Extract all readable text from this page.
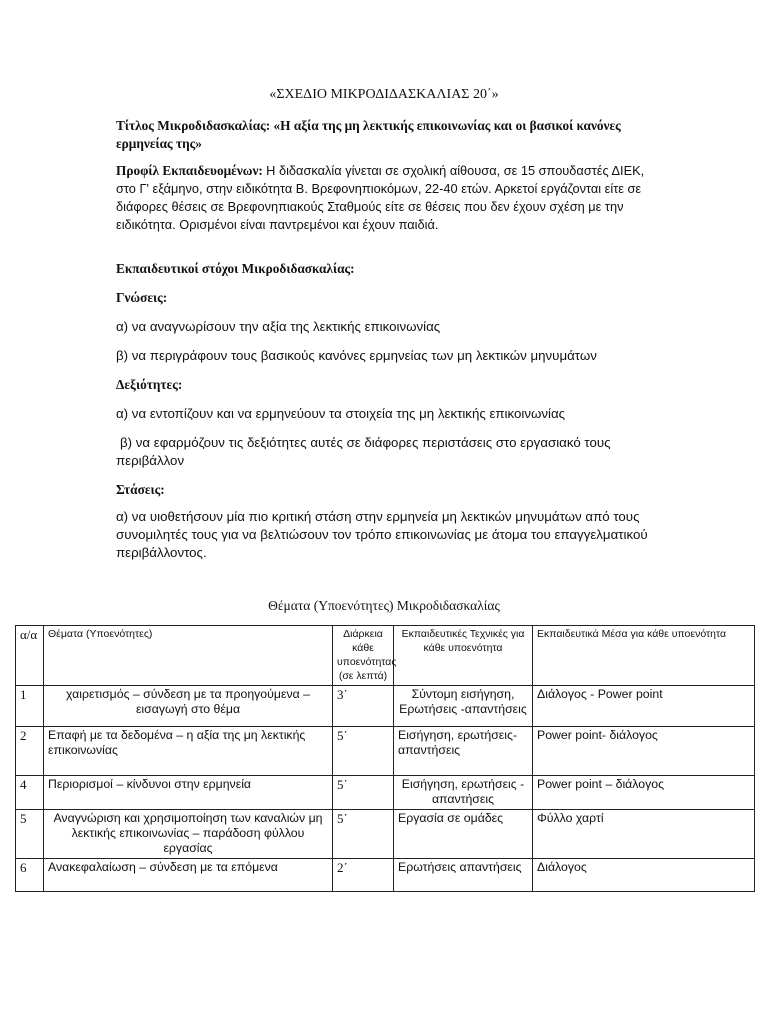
«ΣΧΕΔΙΟ ΜΙΚΡΟΔΙΔΑΣΚΑΛΙΑΣ 20΄»
Τίτλος Μικροδιδασκαλίας: «Η αξία της μη λεκτικής επικοινωνίας και οι βασικοί κανόνες ερμηνείας της»
Προφίλ Εκπαιδευομένων: Η διδασκαλία γίνεται σε σχολική αίθουσα, σε 15 σπουδαστές ΔΙΕΚ, στο Γ' εξάμηνο, στην ειδικότητα Β. Βρεφονηπιοκόμων, 22-40 ετών. Αρκετοί εργάζονται είτε σε διάφορες θέσεις σε Βρεφονηπιακούς Σταθμούς είτε σε θέσεις που δεν έχουν σχέση με την ειδικότητα. Ορισμένοι είναι παντρεμένοι και έχουν παιδιά.
Εκπαιδευτικοί στόχοι Μικροδιδασκαλίας:
Γνώσεις:
α) να αναγνωρίσουν την αξία της λεκτικής επικοινωνίας
β) να περιγράφουν τους βασικούς κανόνες ερμηνείας των μη λεκτικών μηνυμάτων
Δεξιότητες:
α) να εντοπίζουν και να ερμηνεύουν τα στοιχεία της μη λεκτικής επικοινωνίας
β) να εφαρμόζουν τις δεξιότητες αυτές σε διάφορες περιστάσεις στο εργασιακό τους περιβάλλον
Στάσεις:
α) να υιοθετήσουν μία πιο κριτική στάση στην ερμηνεία μη λεκτικών μηνυμάτων από τους συνομιλητές τους για να βελτιώσουν τον τρόπο επικοινωνίας με άτομα του επαγγελματικού περιβάλλοντος.
Θέματα (Υποενότητες) Μικροδιδασκαλίας
α/α	Θέματα (Υποενότητες)	Διάρκεια κάθε υποενότητας (σε λεπτά)	Εκπαιδευτικές Τεχνικές για κάθε υποενότητα	Εκπαιδευτικά Μέσα για κάθε υποενότητα
1	χαιρετισμός – σύνδεση με τα προηγούμενα – εισαγωγή στο θέμα	3΄	Σύντομη εισήγηση, Ερωτήσεις -απαντήσεις	Διάλογος - Power point
2	Επαφή με τα δεδομένα – η αξία της μη λεκτικής επικοινωνίας	5΄	Εισήγηση, ερωτήσεις-απαντήσεις	Power point- διάλογος
4	Περιορισμοί – κίνδυνοι στην ερμηνεία	5΄	Εισήγηση, ερωτήσεις - απαντήσεις	Power point – διάλογος
5	Αναγνώριση και χρησιμοποίηση των καναλιών μη λεκτικής επικοινωνίας – παράδοση φύλλου εργασίας	5΄	Εργασία σε ομάδες	Φύλλο χαρτί
6	Ανακεφαλαίωση – σύνδεση με τα επόμενα	2΄	Ερωτήσεις απαντήσεις	Διάλογος
